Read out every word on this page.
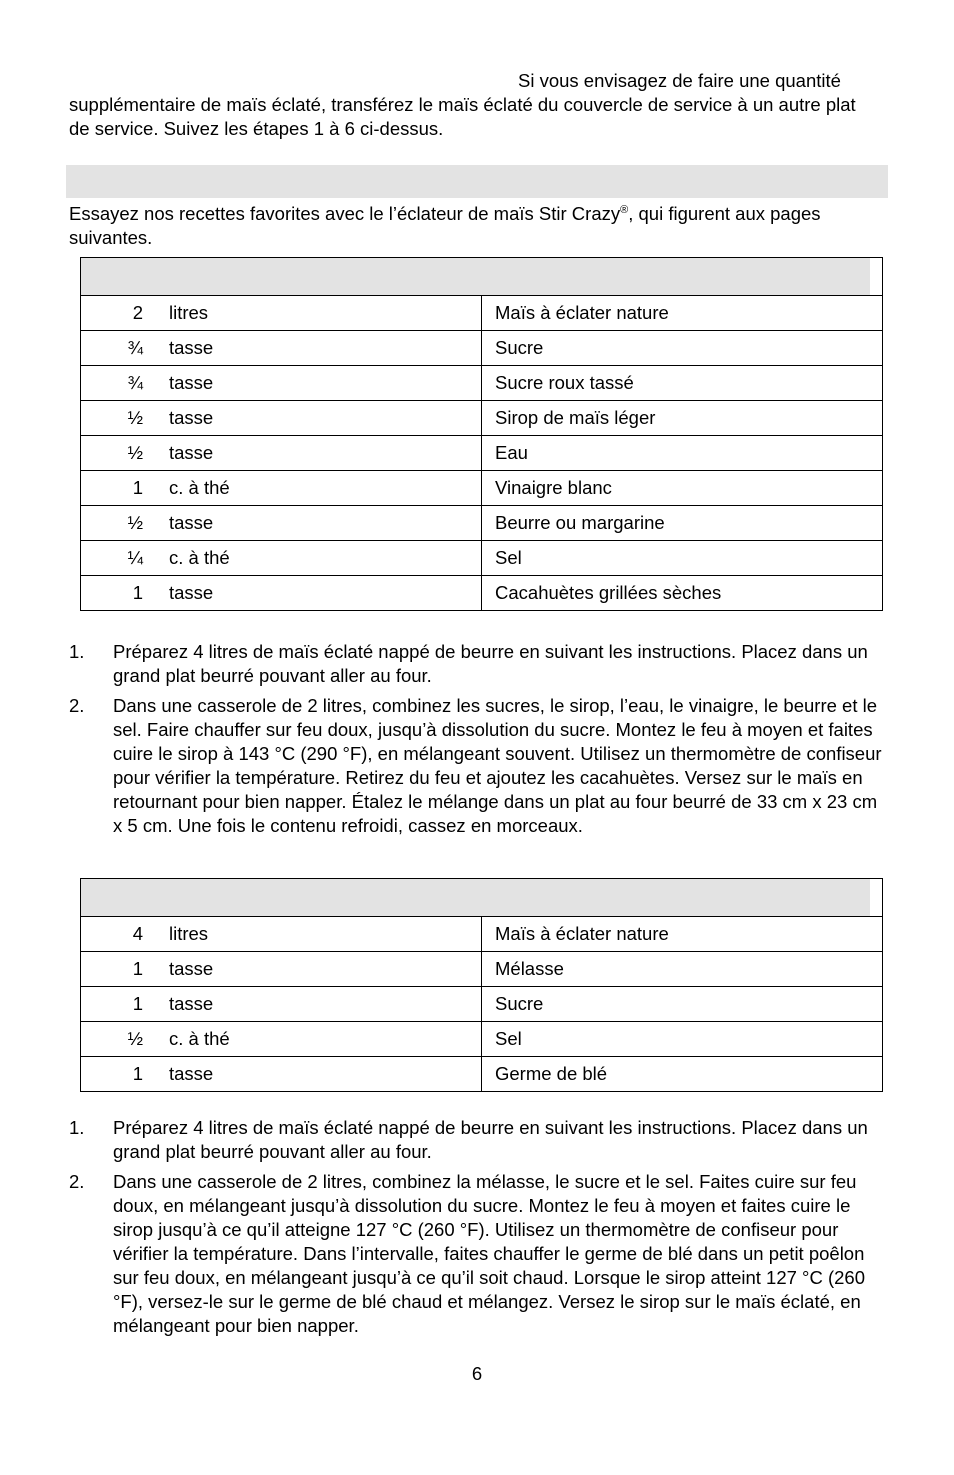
Si vous envisagez de faire une quantité
supplémentaire de maïs éclaté, transférez le maïs éclaté du couvercle de service à un autre plat de service. Suivez les étapes 1 à 6 ci-dessus.

Essayez nos recettes favorites avec le l’éclateur de maïs Stir Crazy®, qui figurent aux pages suivantes.

2 litres	Maïs à éclater nature

¾ tasse	Sucre

¾ tasse	Sucre roux tassé

½ tasse	Sirop de maïs léger

½ tasse	Eau

1 c. à thé	Vinaigre blanc

½ tasse	Beurre ou margarine

¼ c. à thé	Sel

1 tasse	Cacahuètes grillées sèches
1. Préparez 4 litres de maïs éclaté nappé de beurre en suivant les instructions. Placez dans un grand plat beurré pouvant aller au four.
2. Dans une casserole de 2 litres, combinez les sucres, le sirop, l’eau, le vinaigre, le beurre et le sel. Faire chauffer sur feu doux, jusqu’à dissolution du sucre. Montez le feu à moyen et faites cuire le sirop à 143 °C (290 °F), en mélangeant souvent. Utilisez un thermomètre de confiseur pour vérifier la température. Retirez du feu et ajoutez les cacahuètes. Versez sur le maïs en retournant pour bien napper. Étalez le mélange dans un plat au four beurré de 33 cm x 23 cm x 5 cm. Une fois le contenu refroidi, cassez en morceaux.

4 litres	Maïs à éclater nature

1 tasse	Mélasse

1 tasse	Sucre

½ c. à thé	Sel

1 tasse	Germe de blé
1. Préparez 4 litres de maïs éclaté nappé de beurre en suivant les instructions. Placez dans un grand plat beurré pouvant aller au four.
2. Dans une casserole de 2 litres, combinez la mélasse, le sucre et le sel. Faites cuire sur feu doux, en mélangeant jusqu’à dissolution du sucre. Montez le feu à moyen et faites cuire le sirop jusqu’à ce qu’il atteigne 127 °C (260 °F). Utilisez un thermomètre de confiseur pour vérifier la température. Dans l’intervalle, faites chauffer le germe de blé dans un petit poêlon sur feu doux, en mélangeant jusqu’à ce qu’il soit chaud. Lorsque le sirop atteint 127 °C (260 °F), versez-le sur le germe de blé chaud et mélangez. Versez le sirop sur le maïs éclaté, en mélangeant pour bien napper.
6
